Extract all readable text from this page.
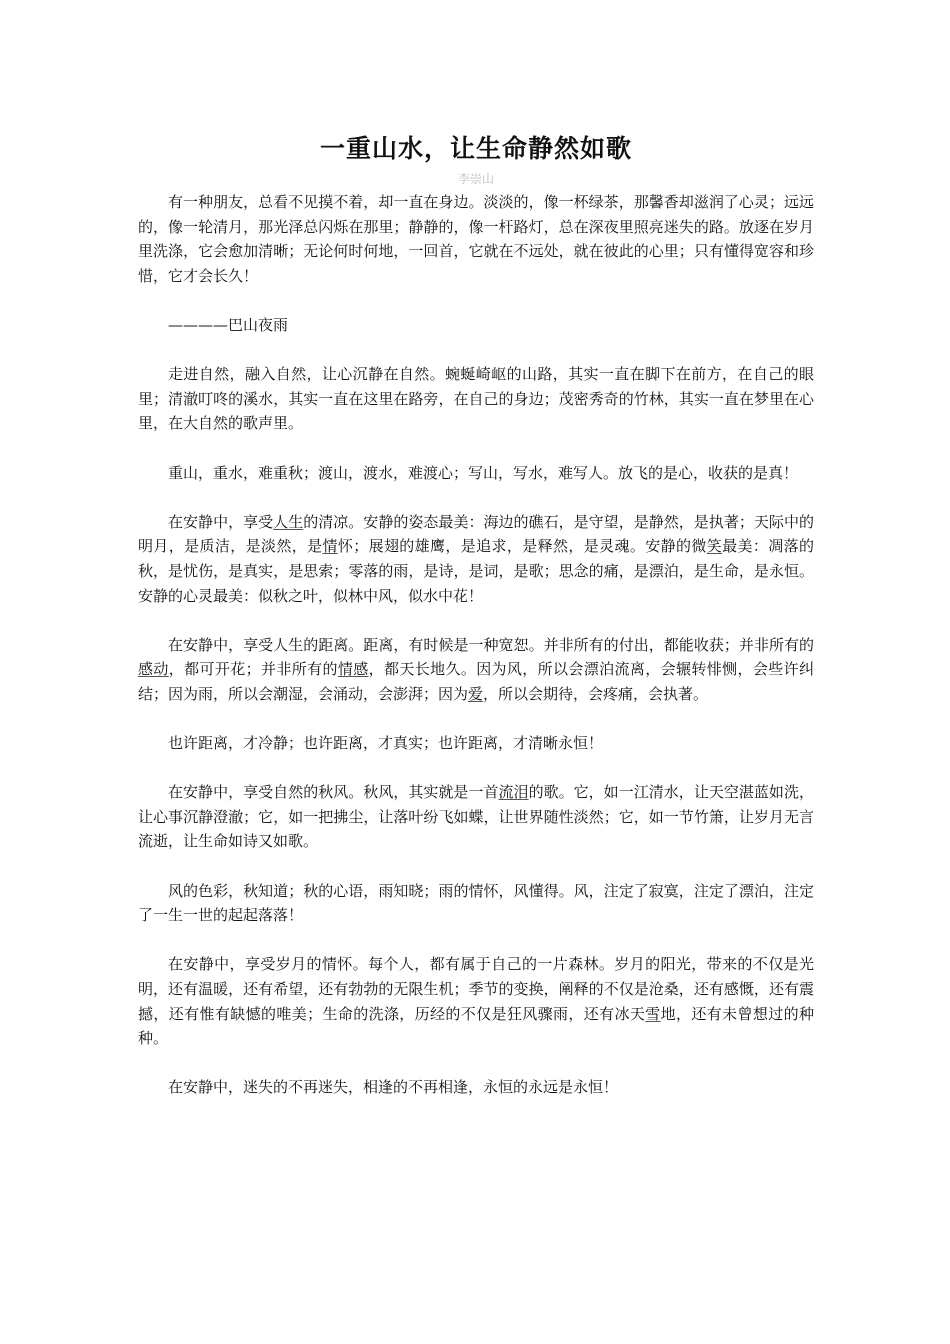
一重山水，让生命静然如歌
李崇山

有一种朋友，总看不见摸不着，却一直在身边。淡淡的，像一杯绿茶，那馨香却滋润了心灵；远远的，像一轮清月，那光泽总闪烁在那里；静静的，像一杆路灯，总在深夜里照亮迷失的路。放逐在岁月里洗涤，它会愈加清晰；无论何时何地，一回首，它就在不远处，就在彼此的心里；只有懂得宽容和珍惜，它才会长久！

————巴山夜雨

走进自然，融入自然，让心沉静在自然。蜿蜒崎岖的山路，其实一直在脚下在前方，在自己的眼里；清澈叮咚的溪水，其实一直在这里在路旁，在自己的身边；茂密秀奇的竹林，其实一直在梦里在心里，在大自然的歌声里。

重山，重水，难重秋；渡山，渡水，难渡心；写山，写水，难写人。放飞的是心，收获的是真！

在安静中，享受人生的清凉。安静的姿态最美：海边的礁石，是守望，是静然，是执著；天际中的明月，是质洁，是淡然，是情怀；展翅的雄鹰，是追求，是释然，是灵魂。安静的微笑最美：凋落的秋，是忧伤，是真实，是思索；零落的雨，是诗，是词，是歌；思念的痛，是漂泊，是生命，是永恒。安静的心灵最美：似秋之叶，似林中风，似水中花！

在安静中，享受人生的距离。距离，有时候是一种宽恕。并非所有的付出，都能收获；并非所有的感动，都可开花；并非所有的情感，都天长地久。因为风，所以会漂泊流离，会辗转悱恻，会些许纠结；因为雨，所以会潮湿，会涌动，会澎湃；因为爱，所以会期待，会疼痛，会执著。

也许距离，才冷静；也许距离，才真实；也许距离，才清晰永恒！

在安静中，享受自然的秋风。秋风，其实就是一首流泪的歌。它，如一江清水，让天空湛蓝如洗，让心事沉静澄澈；它，如一把拂尘，让落叶纷飞如蝶，让世界随性淡然；它，如一节竹箫，让岁月无言流逝，让生命如诗又如歌。

风的色彩，秋知道；秋的心语，雨知晓；雨的情怀，风懂得。风，注定了寂寞，注定了漂泊，注定了一生一世的起起落落！

在安静中，享受岁月的情怀。每个人，都有属于自己的一片森林。岁月的阳光，带来的不仅是光明，还有温暖，还有希望，还有勃勃的无限生机；季节的变换，阐释的不仅是沧桑，还有感慨，还有震撼，还有惟有缺憾的唯美；生命的洗涤，历经的不仅是狂风骤雨，还有冰天雪地，还有未曾想过的种种。

在安静中，迷失的不再迷失，相逢的不再相逢，永恒的永远是永恒！
